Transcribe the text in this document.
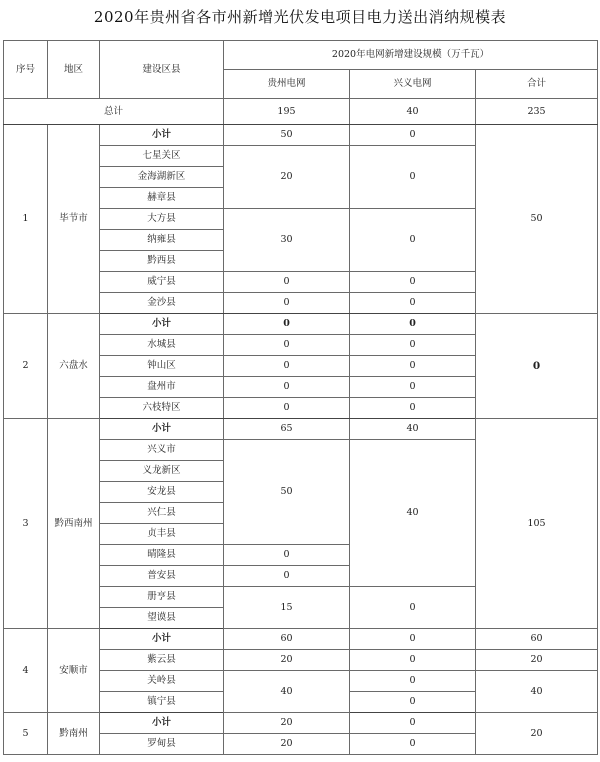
2020年贵州省各市州新增光伏发电项目电力送出消纳规模表
序号	地区	建设区县	2020年电网新增建设规模（万千瓦）		
			贵州电网	兴义电网	合计
总计			195	40	235
1	毕节市	小计	50	0	50
		七星关区	20	0	
		金海湖新区			
		赫章县			
		大方县	30	0	
		纳雍县			
		黔西县			
		威宁县	0	0	
		金沙县	0	0	
2	六盘水	小计	0	0	0
		水城县	0	0	
		钟山区	0	0	
		盘州市	0	0	
		六枝特区	0	0	
3	黔西南州	小计	65	40	105
		兴义市	50	40	
		义龙新区			
		安龙县			
		兴仁县			
		贞丰县			
		晴隆县	0		
		普安县	0		
		册亨县	15	0	
		望谟县			
4	安顺市	小计	60	0	60
		紫云县	20	0	20
		关岭县	40	0	40
		镇宁县		0	
5	黔南州	小计	20	0	20
		罗甸县	20	0	
